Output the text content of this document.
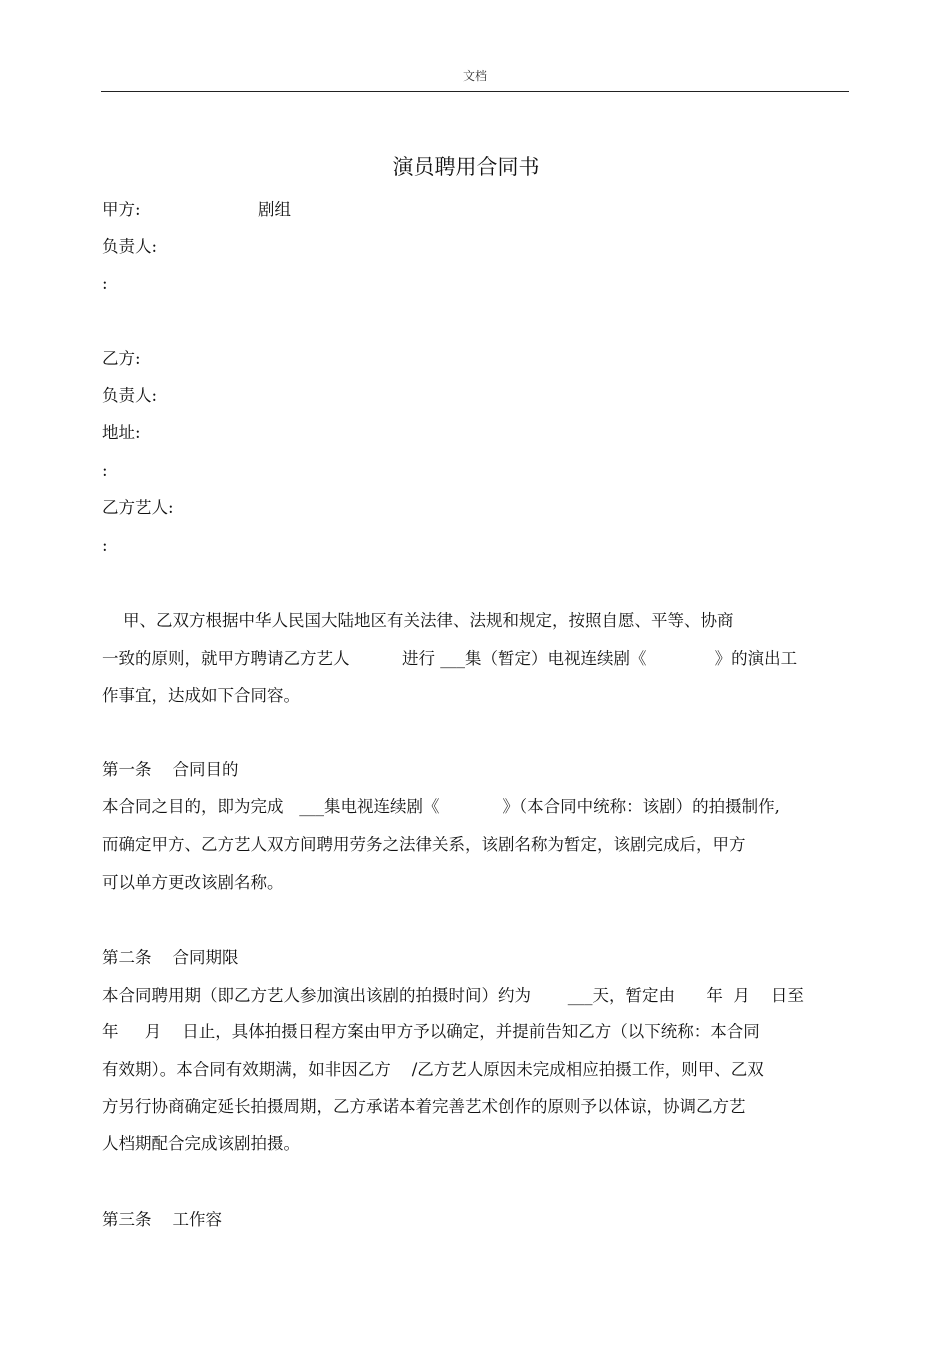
文档
演员聘用合同书
甲方:	剧组
负责人:
:
乙方:
负责人:
地址:
:
乙方艺人:
:
甲、乙双方根据中华人民国大陆地区有关法律、法规和规定，按照自愿、平等、协商
一致的原则，就甲方聘请乙方艺人          进行 ___集（暂定）电视连续剧《             》的演出工
作事宜，达成如下合同容。
第一条    合同目的
本合同之目的，即为完成   ___集电视连续剧《            》（本合同中统称：该剧）的拍摄制作,
而确定甲方、乙方艺人双方间聘用劳务之法律关系，该剧名称为暂定，该剧完成后，甲方
可以单方更改该剧名称。
第二条    合同期限
本合同聘用期（即乙方艺人参加演出该剧的拍摄时间）约为       ___天，暂定由      年  月    日至
年     月    日止，具体拍摄日程方案由甲方予以确定，并提前告知乙方（以下统称：本合同
有效期）。本合同有效期满，如非因乙方    /乙方艺人原因未完成相应拍摄工作，则甲、乙双
方另行协商确定延长拍摄周期，乙方承诺本着完善艺术创作的原则予以体谅，协调乙方艺
人档期配合完成该剧拍摄。
第三条    工作容
